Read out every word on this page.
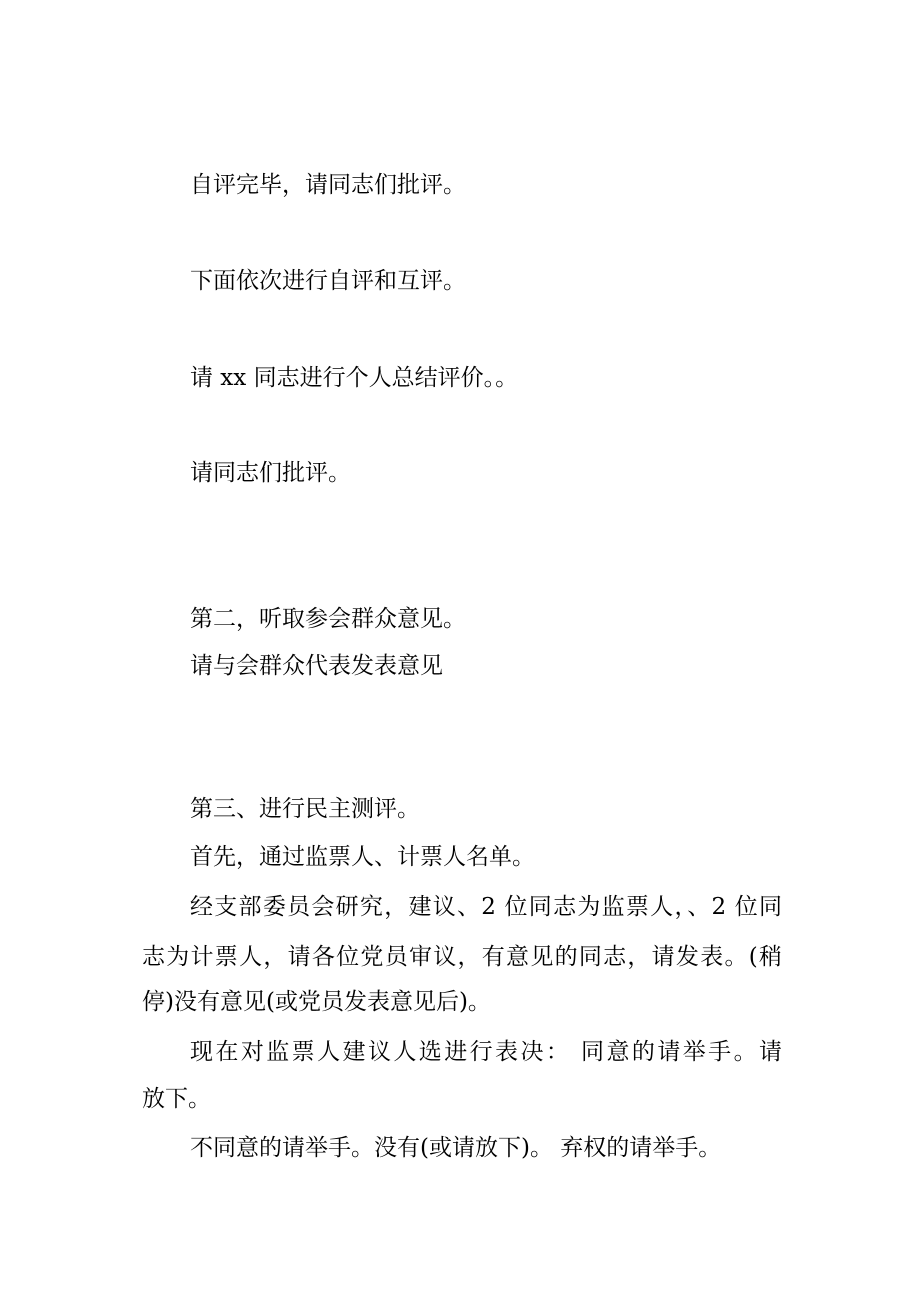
自评完毕，请同志们批评。

下面依次进行自评和互评。

请 xx 同志进行个人总结评价。。

请同志们批评。

第二，听取参会群众意见。

请与会群众代表发表意见

第三、进行民主测评。

首先，通过监票人、计票人名单。

经支部委员会研究，建议、2 位同志为监票人，、2 位同

志为计票人，请各位党员审议，有意见的同志，请发表。(稍

停)没有意见(或党员发表意见后)。

现在对监票人建议人选进行表决： 同意的请举手。请

放下。

不同意的请举手。没有(或请放下)。 弃权的请举手。
